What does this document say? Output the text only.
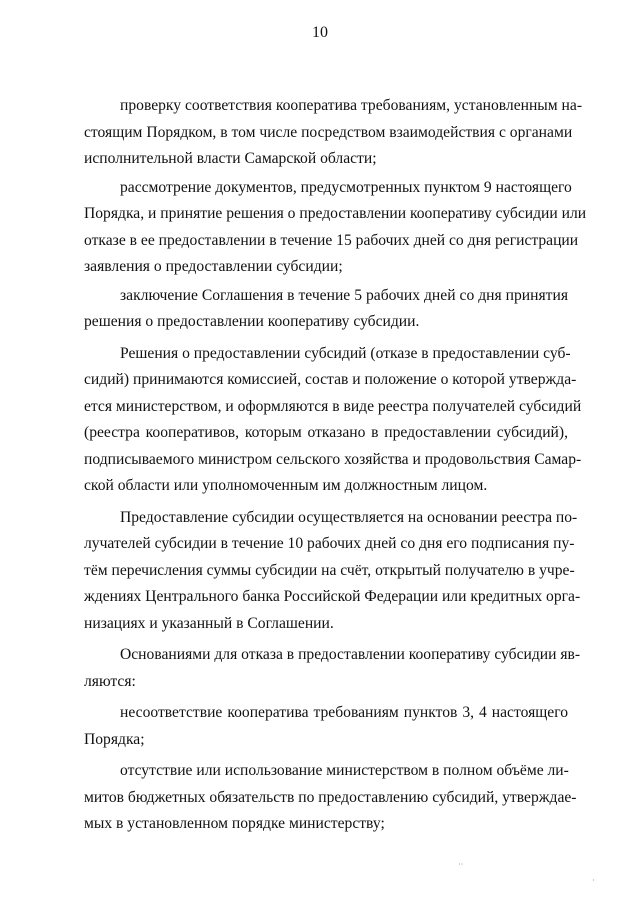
10
проверку соответствия кооператива требованиям, установленным на-
стоящим Порядком, в том числе посредством взаимодействия с органами
исполнительной власти Самарской области;
рассмотрение документов, предусмотренных пунктом 9 настоящего
Порядка, и принятие решения о предоставлении кооперативу субсидии или
отказе в ее предоставлении в течение 15 рабочих дней со дня регистрации
заявления о предоставлении субсидии;
заключение Соглашения в течение 5 рабочих дней со дня принятия
решения о предоставлении кооперативу субсидии.
Решения о предоставлении субсидий (отказе в предоставлении суб-
сидий) принимаются комиссией, состав и положение о которой утвержда-
ется министерством, и оформляются в виде реестра получателей субсидий
(реестра кооперативов, которым отказано в предоставлении субсидий),
подписываемого министром сельского хозяйства и продовольствия Самар-
ской области или уполномоченным им должностным лицом.
Предоставление субсидии осуществляется на основании реестра по-
лучателей субсидии в течение 10 рабочих дней со дня его подписания пу-
тём перечисления суммы субсидии на счёт, открытый получателю в учре-
ждениях Центрального банка Российской Федерации или кредитных орга-
низациях и указанный в Соглашении.
Основаниями для отказа в предоставлении кооперативу субсидии яв-
ляются:
несоответствие кооператива требованиям пунктов 3, 4 настоящего
Порядка;
отсутствие или использование министерством в полном объёме ли-
митов бюджетных обязательств по предоставлению субсидий, утверждае-
мых в установленном порядке министерству;
··
·
